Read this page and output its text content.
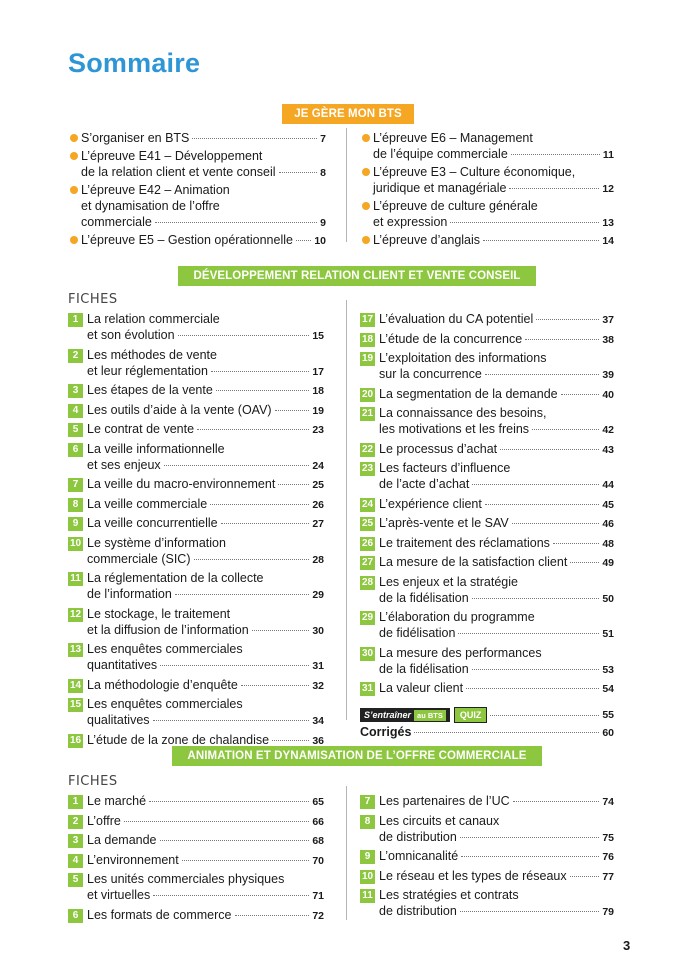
Sommaire
JE GÈRE MON BTS
S’organiser en BTS	7
L’épreuve E41 – Développement
de la relation client et vente conseil	8
L’épreuve E42 – Animation
et dynamisation de l’offre
commerciale	9
L’épreuve E5 – Gestion opérationnelle 10
L’épreuve E6 – Management
de l’équipe commerciale	11
L’épreuve E3 – Culture économique,
juridique et managériale	12
L’épreuve de culture générale
et expression	13
L’épreuve d’anglais	14
DÉVELOPPEMENT RELATION CLIENT ET VENTE CONSEIL
FICHES
1 La relation commerciale
et son évolution	15
2 Les méthodes de vente
et leur réglementation	17
3 Les étapes de la vente	18
4 Les outils d’aide à la vente (OAV)	19
5 Le contrat de vente	23
6 La veille informationnelle
et ses enjeux	24
7 La veille du macro-environnement	25
8 La veille commerciale	26
9 La veille concurrentielle	27
10 Le système d’information
commerciale (SIC)	28
11 La réglementation de la collecte
de l’information	29
12 Le stockage, le traitement
et la diffusion de l’information	30
13 Les enquêtes commerciales
quantitatives	31
14 La méthodologie d’enquête	32
15 Les enquêtes commerciales
qualitatives	34
16 L’étude de la zone de chalandise	36
17 L’évaluation du CA potentiel	37
18 L’étude de la concurrence	38
19 L’exploitation des informations
sur la concurrence	39
20 La segmentation de la demande	40
21 La connaissance des besoins,
les motivations et les freins	42
22 Le processus d’achat	43
23 Les facteurs d’influence
de l’acte d’achat	44
24 L’expérience client	45
25 L’après-vente et le SAV	46
26 Le traitement des réclamations	48
27 La mesure de la satisfaction client	49
28 Les enjeux et la stratégie
de la fidélisation	50
29 L’élaboration du programme
de fidélisation	51
30 La mesure des performances
de la fidélisation	53
31 La valeur client	54
S’entraîner au BTS	QUIZ	55
Corrigés	60
ANIMATION ET DYNAMISATION DE L’OFFRE COMMERCIALE
FICHES
1 Le marché	65
2 L’offre	66
3 La demande	68
4 L’environnement	70
5 Les unités commerciales physiques
et virtuelles	71
6 Les formats de commerce	72
7 Les partenaires de l’UC	74
8 Les circuits et canaux
de distribution	75
9 L’omnicanalité	76
10 Le réseau et les types de réseaux	77
11 Les stratégies et contrats
de distribution	79
3
